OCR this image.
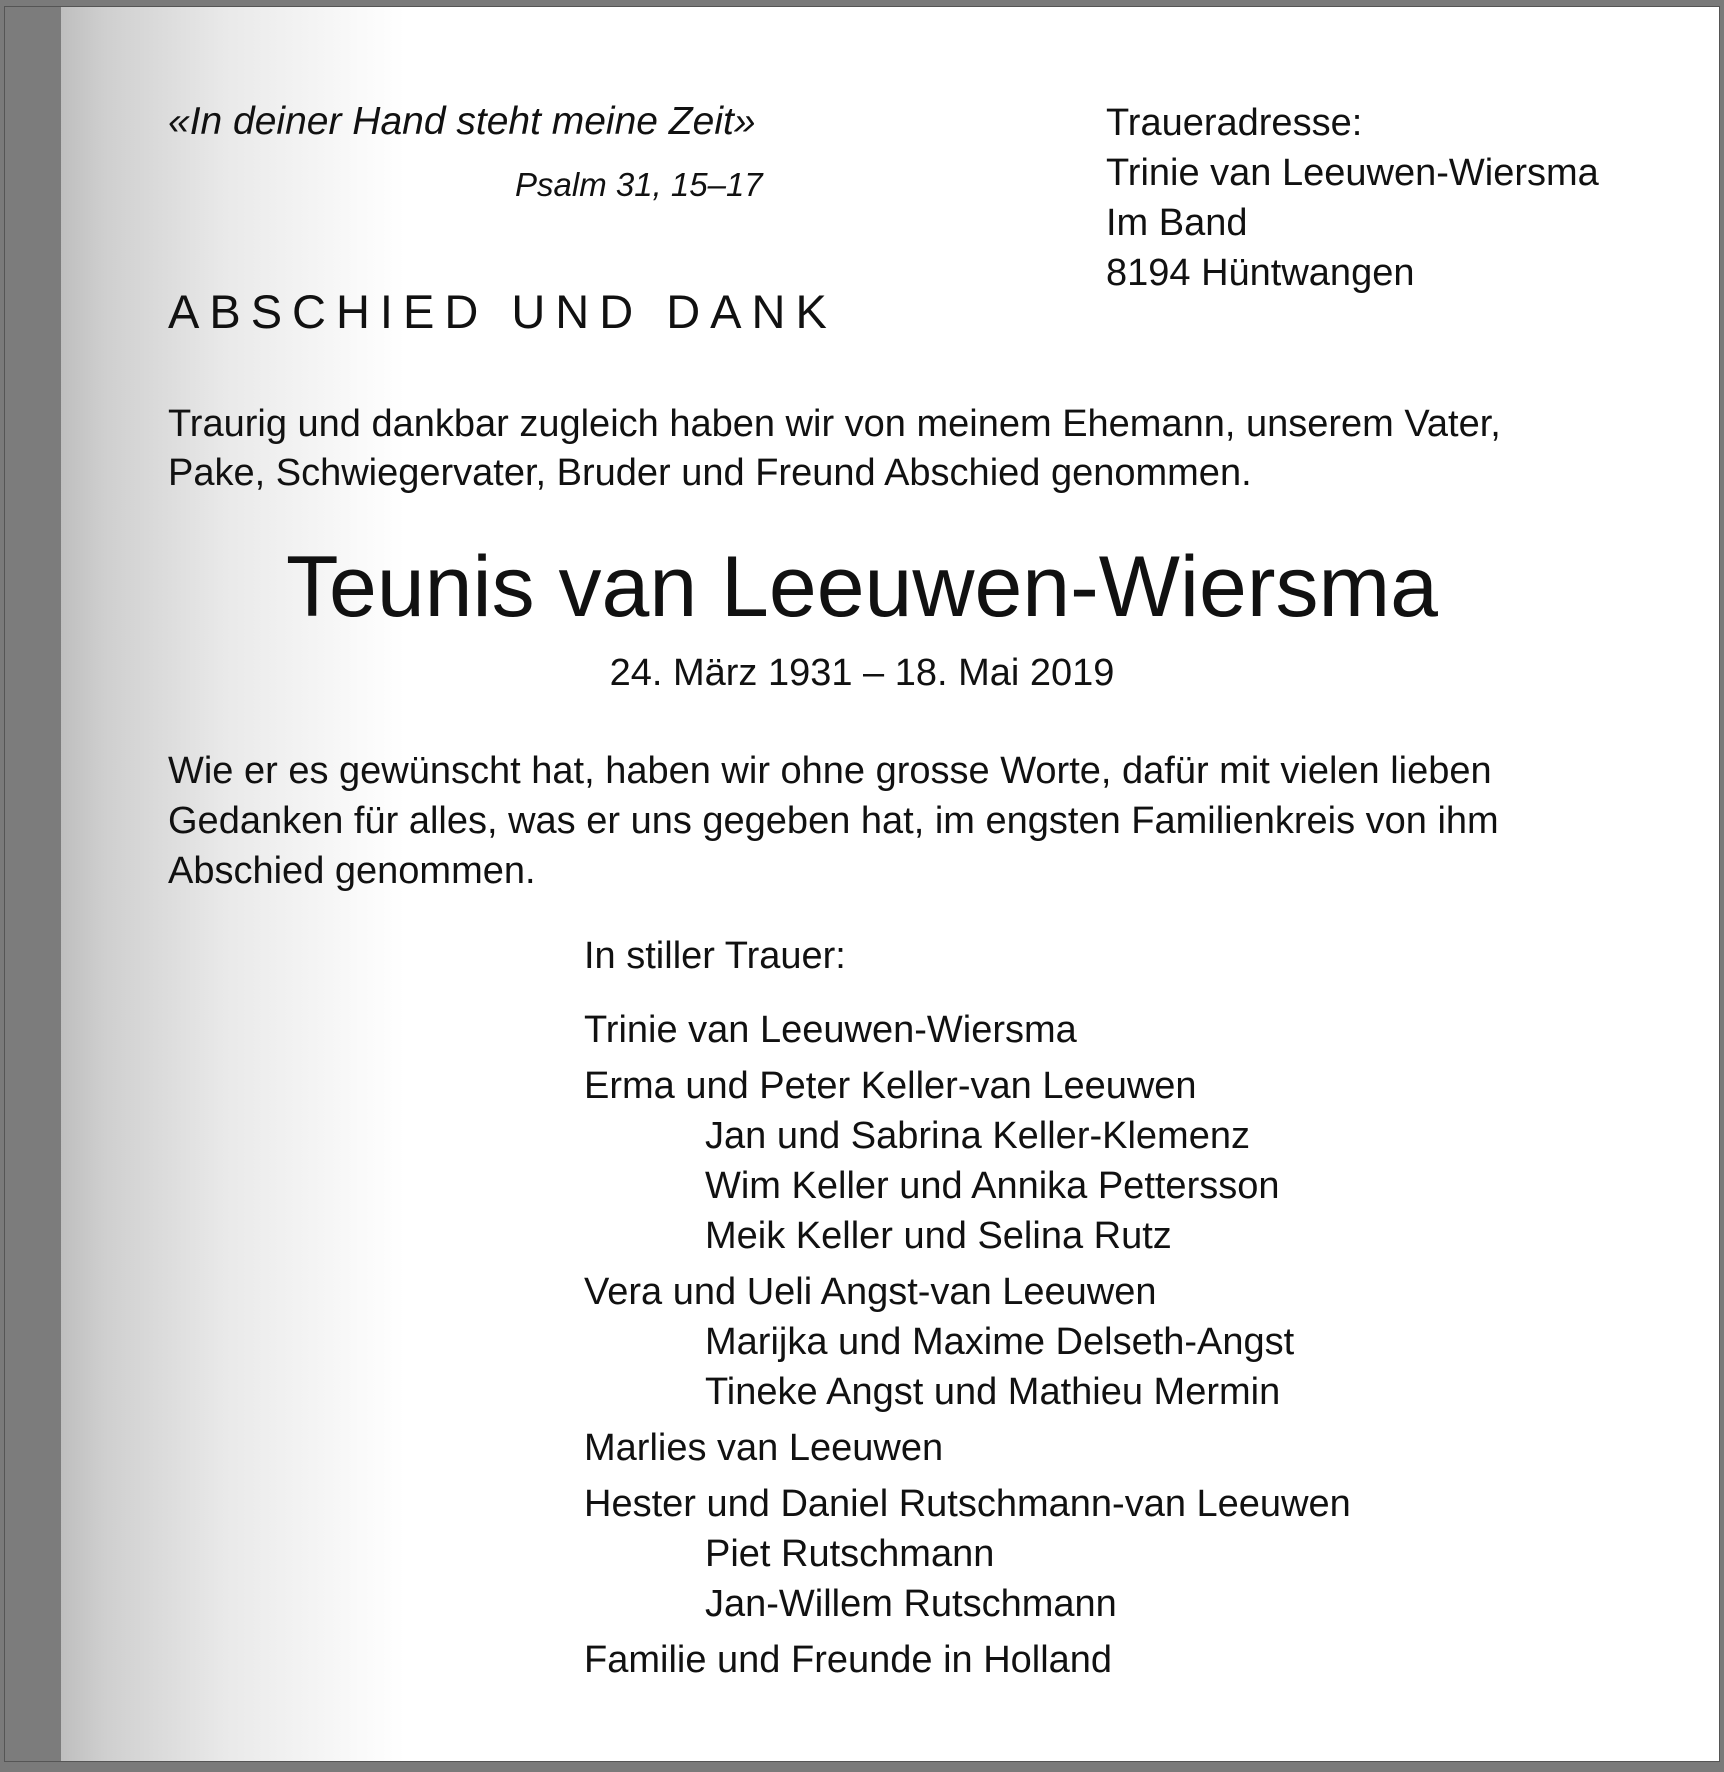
«In deiner Hand steht meine Zeit»
Psalm 31, 15–17
ABSCHIED UND DANK
Traueradresse:
Trinie van Leeuwen-Wiersma
Im Band
8194 Hüntwangen
Traurig und dankbar zugleich haben wir von meinem Ehemann, unserem Vater,
Pake, Schwiegervater, Bruder und Freund Abschied genommen.
Teunis van Leeuwen-Wiersma
24. März 1931 – 18. Mai 2019
Wie er es gewünscht hat, haben wir ohne grosse Worte, dafür mit vielen lieben
Gedanken für alles, was er uns gegeben hat, im engsten Familienkreis von ihm
Abschied genommen.
In stiller Trauer:
Trinie van Leeuwen-Wiersma
Erma und Peter Keller-van Leeuwen
Jan und Sabrina Keller-Klemenz
Wim Keller und Annika Pettersson
Meik Keller und Selina Rutz
Vera und Ueli Angst-van Leeuwen
Marijka und Maxime Delseth-Angst
Tineke Angst und Mathieu Mermin
Marlies van Leeuwen
Hester und Daniel Rutschmann-van Leeuwen
Piet Rutschmann
Jan-Willem Rutschmann
Familie und Freunde in Holland
